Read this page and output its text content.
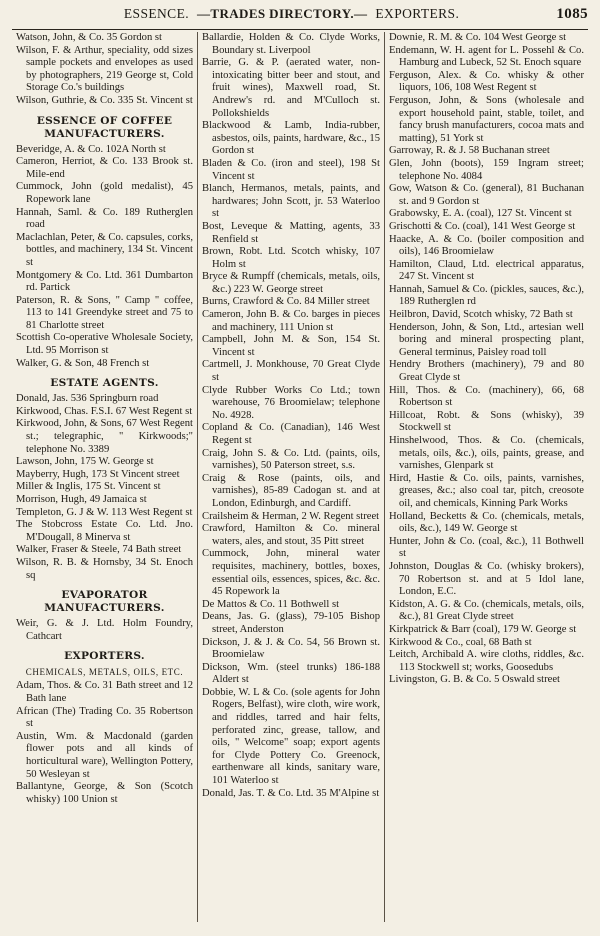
ESSENCE. —TRADES DIRECTORY.— EXPORTERS.	1085

Watson, John, & Co. 35 Gordon st

Wilson, F. & Arthur, speciality, odd sizes sample pockets and envelopes as used by photographers, 219 George st, Cold Storage Co.'s buildings

Wilson, Guthrie, & Co. 335 St. Vincent st

ESSENCE OF COFFEE MANUFACTURERS.

Beveridge, A. & Co. 102A North st

Cameron, Herriot, & Co. 133 Brook st. Mile-end

Cummock, John (gold medalist), 45 Ropework lane

Hannah, Saml. & Co. 189 Rutherglen road

Maclachlan, Peter, & Co. capsules, corks, bottles, and machinery, 134 St. Vincent st

Montgomery & Co. Ltd. 361 Dumbarton rd. Partick

Paterson, R. & Sons, " Camp " coffee, 113 to 141 Greendyke street and 75 to 81 Charlotte street

Scottish Co-operative Wholesale Society, Ltd. 95 Morrison st

Walker, G. & Son, 48 French st

ESTATE AGENTS.

Donald, Jas. 536 Springburn road

Kirkwood, Chas. F.S.I. 67 West Regent st

Kirkwood, John, & Sons, 67 West Regent st.; telegraphic, " Kirkwoods;" telephone No. 3389

Lawson, John, 175 W. George st

Mayberry, Hugh, 173 St Vincent street

Miller & Inglis, 175 St. Vincent st

Morrison, Hugh, 49 Jamaica st

Templeton, G. J & W. 113 West Regent st

The Stobcross Estate Co. Ltd. Jno. M'Dougall, 8 Minerva st

Walker, Fraser & Steele, 74 Bath street

Wilson, R. B. & Hornsby, 34 St. Enoch sq

EVAPORATOR MANUFACTURERS.

Weir, G. & J. Ltd. Holm Foundry, Cathcart

EXPORTERS.
CHEMICALS, METALS, OILS, ETC.

Adam, Thos. & Co. 31 Bath street and 12 Bath lane

African (The) Trading Co. 35 Robertson st

Austin, Wm. & Macdonald (garden flower pots and all kinds of horticultural ware), Wellington Pottery, 50 Wesleyan st

Ballantyne, George, & Son (Scotch whisky) 100 Union st

Ballardie, Holden & Co. Clyde Works, Boundary st. Liverpool

Barrie, G. & P. (aerated water, non-intoxicating bitter beer and stout, and fruit wines), Maxwell road, St. Andrew's rd. and M'Culloch st. Pollokshields

Blackwood & Lamb, India-rubber, asbestos, oils, paints, hardware, &c., 15 Gordon st

Bladen & Co. (iron and steel), 198 St Vincent st

Blanch, Hermanos, metals, paints, and hardwares; John Scott, jr. 53 Waterloo st

Bost, Leveque & Matting, agents, 33 Renfield st

Brown, Robt. Ltd. Scotch whisky, 107 Holm st

Bryce & Rumpff (chemicals, metals, oils, &c.) 223 W. George street

Burns, Crawford & Co. 84 Miller street

Cameron, John B. & Co. barges in pieces and machinery, 111 Union st

Campbell, John M. & Son, 154 St. Vincent st

Cartmell, J. Monkhouse, 70 Great Clyde st

Clyde Rubber Works Co Ltd.; town warehouse, 76 Broomielaw; telephone No. 4928.

Copland & Co. (Canadian), 146 West Regent st

Craig, John S. & Co. Ltd. (paints, oils, varnishes), 50 Paterson street, s.s.

Craig & Rose (paints, oils, and varnishes), 85-89 Cadogan st. and at London, Edinburgh, and Cardiff.

Crailsheim & Herman, 2 W. Regent street

Crawford, Hamilton & Co. mineral waters, ales, and stout, 35 Pitt street

Cummock, John, mineral water requisites, machinery, bottles, boxes, essential oils, essences, spices, &c. &c. 45 Ropework la

De Mattos & Co. 11 Bothwell st

Deans, Jas. G. (glass), 79-105 Bishop street, Anderston

Dickson, J. & J. & Co. 54, 56 Brown st. Broomielaw

Dickson, Wm. (steel trunks) 186-188 Aldert st

Dobbie, W. L & Co. (sole agents for John Rogers, Belfast), wire cloth, wire work, and riddles, tarred and hair felts, perforated zinc, grease, tallow, and oils, " Welcome" soap; export agents for Clyde Pottery Co. Greenock, earthenware all kinds, sanitary ware, 101 Waterloo st

Donald, Jas. T. & Co. Ltd. 35 M'Alpine st

Downie, R. M. & Co. 104 West George st

Endemann, W. H. agent for L. Possehl & Co. Hamburg and Lubeck, 52 St. Enoch square

Ferguson, Alex. & Co. whisky & other liquors, 106, 108 West Regent st

Ferguson, John, & Sons (wholesale and export household paint, stable, toilet, and fancy brush manufacturers, cocoa mats and matting), 51 York st

Garroway, R. & J. 58 Buchanan street

Glen, John (boots), 159 Ingram street; telephone No. 4084

Gow, Watson & Co. (general), 81 Buchanan st. and 9 Gordon st

Grabowsky, E. A. (coal), 127 St. Vincent st

Grischotti & Co. (coal), 141 West George st

Haacke, A. & Co. (boiler composition and oils), 146 Broomielaw

Hamilton, Claud, Ltd. electrical apparatus, 247 St. Vincent st

Hannah, Samuel & Co. (pickles, sauces, &c.), 189 Rutherglen rd

Heilbron, David, Scotch whisky, 72 Bath st

Henderson, John, & Son, Ltd., artesian well boring and mineral prospecting plant, General terminus, Paisley road toll

Hendry Brothers (machinery), 79 and 80 Great Clyde st

Hill, Thos. & Co. (machinery), 66, 68 Robertson st

Hillcoat, Robt. & Sons (whisky), 39 Stockwell st

Hinshelwood, Thos. & Co. (chemicals, metals, oils, &c.), oils, paints, grease, and varnishes, Glenpark st

Hird, Hastie & Co. oils, paints, varnishes, greases, &c.; also coal tar, pitch, creosote oil, and chemicals, Kinning Park Works

Holland, Becketts & Co. (chemicals, metals, oils, &c.), 149 W. George st

Hunter, John & Co. (coal, &c.), 11 Bothwell st

Johnston, Douglas & Co. (whisky brokers), 70 Robertson st. and at 5 Idol lane, London, E.C.

Kidston, A. G. & Co. (chemicals, metals, oils, &c.), 81 Great Clyde street

Kirkpatrick & Barr (coal), 179 W. George st

Kirkwood & Co., coal, 68 Bath st

Leitch, Archibald A. wire cloths, riddles, &c. 113 Stockwell st; works, Goosedubs

Livingston, G. B. & Co. 5 Oswald street
